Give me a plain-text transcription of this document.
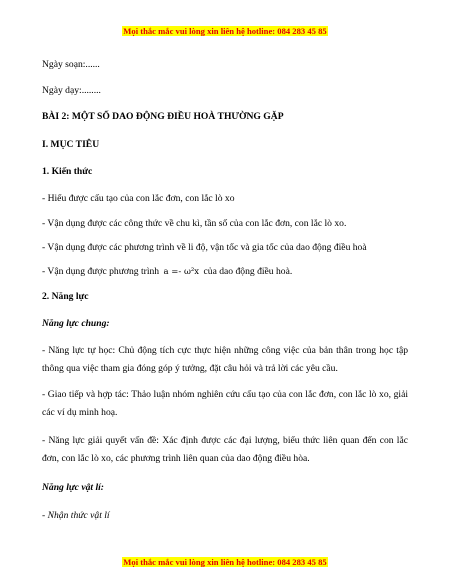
Mọi thắc mắc vui lòng xin liên hệ hotline: 084 283 45 85
Ngày soạn:......
Ngày dạy:........
BÀI 2: MỘT SỐ DAO ĐỘNG ĐIỀU HOÀ THƯỜNG GẶP
I. MỤC TIÊU
1. Kiến thức
- Hiểu được cấu tạo của con lắc đơn, con lắc lò xo
- Vận dụng được các công thức về chu kì, tần số của con lắc đơn, con lắc lò xo.
- Vận dụng được các phương trình về li độ, vận tốc và gia tốc của dao động điều hoà
- Vận dụng được phương trình a =- ω²x của dao động điều hoà.
2. Năng lực
Năng lực chung:
- Năng lực tự học: Chủ động tích cực thực hiện những công việc của bản thân trong học tập thông qua việc tham gia đóng góp ý tưởng, đặt câu hỏi và trả lời các yêu cầu.
- Giao tiếp và hợp tác: Thảo luận nhóm nghiên cứu cấu tạo của con lắc đơn, con lắc lò xo, giải các ví dụ minh hoạ.
- Năng lực giải quyết vấn đề: Xác định được các đại lượng, biểu thức liên quan đến con lắc đơn, con lắc lò xo, các phương trình liên quan của dao động điều hòa.
Năng lực vật lí:
- Nhận thức vật lí
Mọi thắc mắc vui lòng xin liên hệ hotline: 084 283 45 85
